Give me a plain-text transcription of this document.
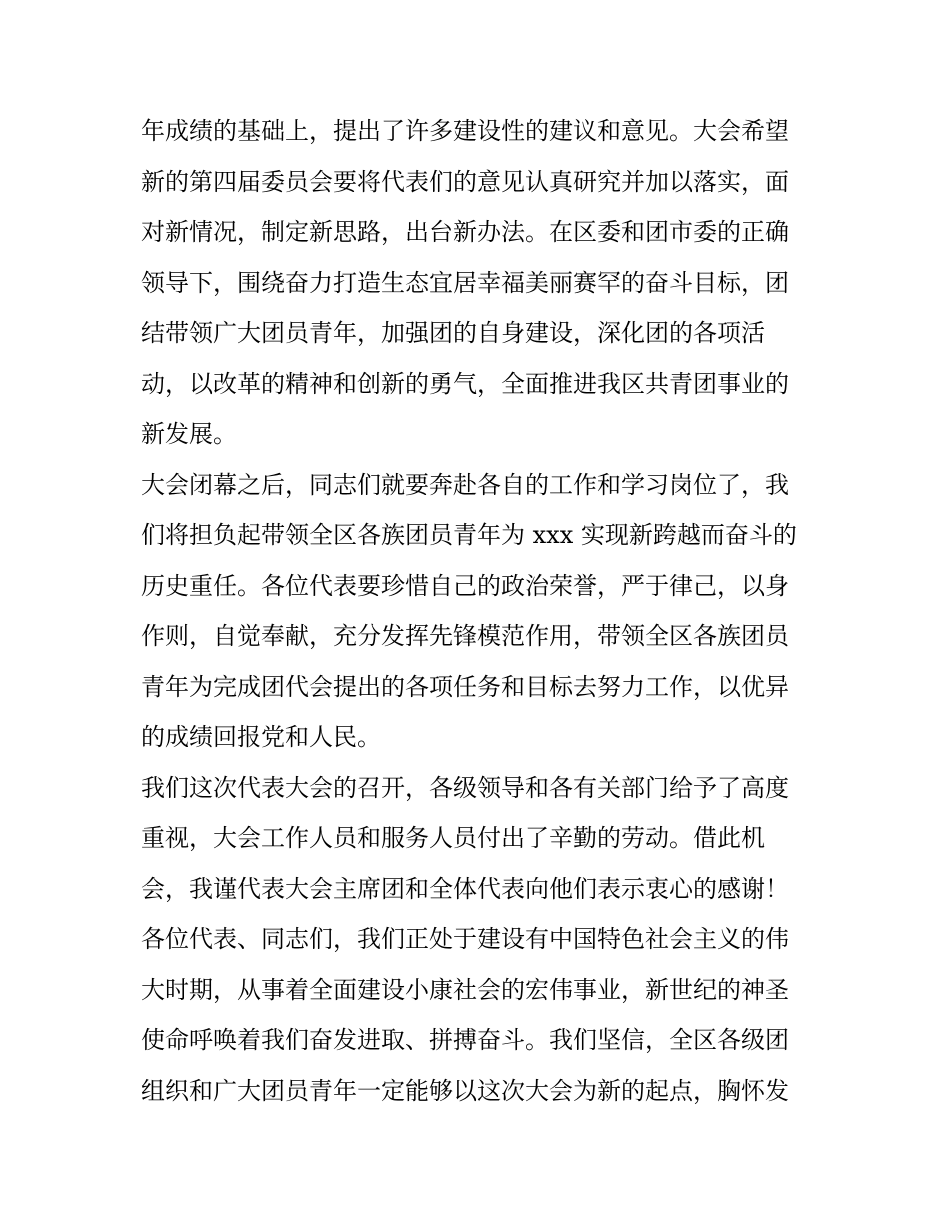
年成绩的基础上，提出了许多建设性的建议和意见。大会希望
新的第四届委员会要将代表们的意见认真研究并加以落实，面
对新情况，制定新思路，出台新办法。在区委和团市委的正确
领导下，围绕奋力打造生态宜居幸福美丽赛罕的奋斗目标，团
结带领广大团员青年，加强团的自身建设，深化团的各项活
动，以改革的精神和创新的勇气，全面推进我区共青团事业的
新发展。
大会闭幕之后，同志们就要奔赴各自的工作和学习岗位了，我
们将担负起带领全区各族团员青年为 xxx 实现新跨越而奋斗的
历史重任。各位代表要珍惜自己的政治荣誉，严于律己，以身
作则，自觉奉献，充分发挥先锋模范作用，带领全区各族团员
青年为完成团代会提出的各项任务和目标去努力工作，以优异
的成绩回报党和人民。
我们这次代表大会的召开，各级领导和各有关部门给予了高度
重视，大会工作人员和服务人员付出了辛勤的劳动。借此机
会，我谨代表大会主席团和全体代表向他们表示衷心的感谢！
各位代表、同志们，我们正处于建设有中国特色社会主义的伟
大时期，从事着全面建设小康社会的宏伟事业，新世纪的神圣
使命呼唤着我们奋发进取、拼搏奋斗。我们坚信，全区各级团
组织和广大团员青年一定能够以这次大会为新的起点，胸怀发
